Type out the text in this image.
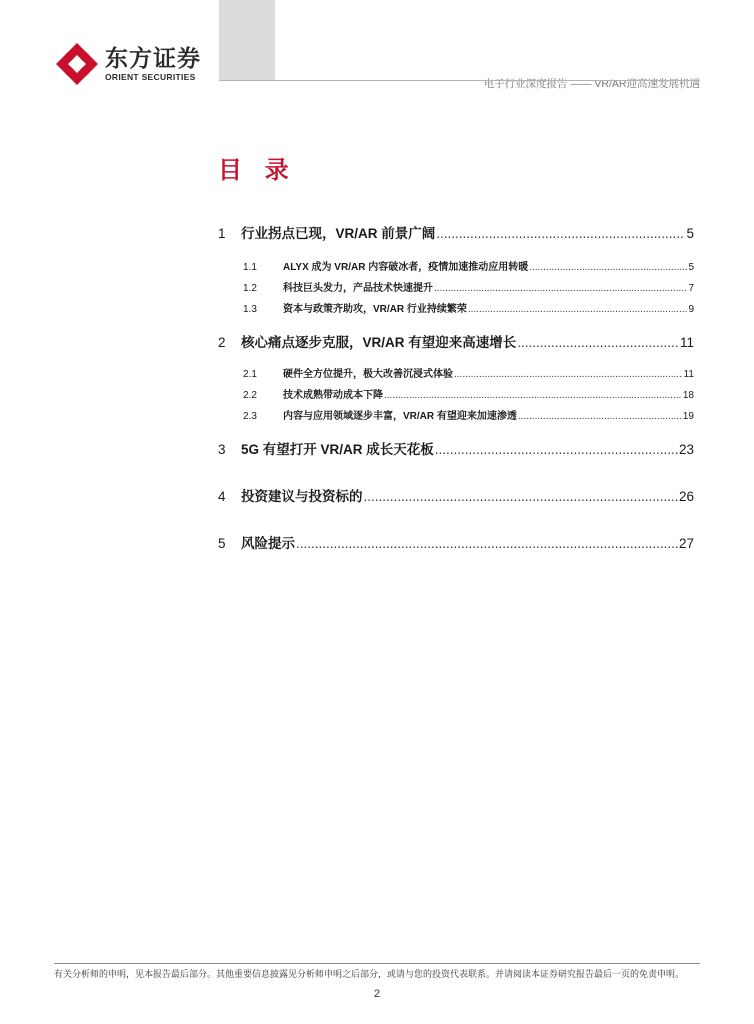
东方证券
ORIENT SECURITIES
电子行业深度报告 —— VR/AR迎高速发展机遇
目 录
1	行业拐点已现，VR/AR 前景广阔 .....	5
1.1	ALYX 成为 VR/AR 内容破冰者，疫情加速推动应用转暖 .....	5
1.2	科技巨头发力，产品技术快速提升 .....	7
1.3	资本与政策齐助攻，VR/AR 行业持续繁荣 .....	9
2	核心痛点逐步克服，VR/AR 有望迎来高速增长 .....	11
2.1	硬件全方位提升，极大改善沉浸式体验 .....	11
2.2	技术成熟带动成本下降 .....	18
2.3	内容与应用领域逐步丰富，VR/AR 有望迎来加速渗透 .....	19
3	5G 有望打开 VR/AR 成长天花板 .....	23
4	投资建议与投资标的 .....	26
5	风险提示 .....	27
有关分析师的申明，见本报告最后部分。其他重要信息披露见分析师申明之后部分，或请与您的投资代表联系。并请阅读本证券研究报告最后一页的免责申明。
2
